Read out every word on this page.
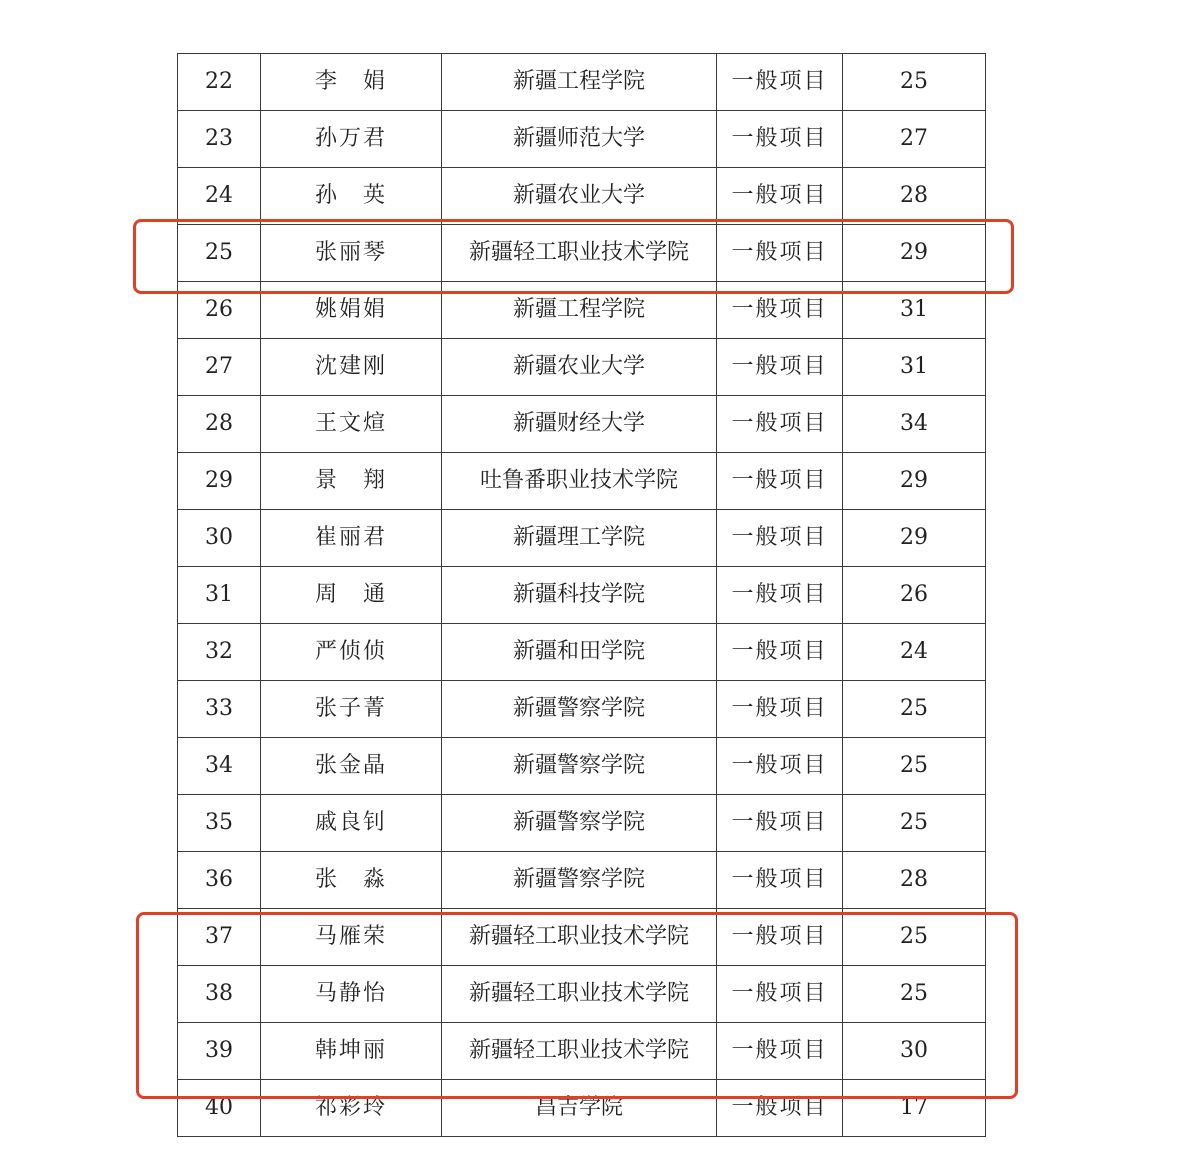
22	李　娟	新疆工程学院	一般项目	25
23	孙万君	新疆师范大学	一般项目	27
24	孙　英	新疆农业大学	一般项目	28
25	张丽琴	新疆轻工职业技术学院	一般项目	29
26	姚娟娟	新疆工程学院	一般项目	31
27	沈建刚	新疆农业大学	一般项目	31
28	王文煊	新疆财经大学	一般项目	34
29	景　翔	吐鲁番职业技术学院	一般项目	29
30	崔丽君	新疆理工学院	一般项目	29
31	周　通	新疆科技学院	一般项目	26
32	严侦侦	新疆和田学院	一般项目	24
33	张子菁	新疆警察学院	一般项目	25
34	张金晶	新疆警察学院	一般项目	25
35	戚良钊	新疆警察学院	一般项目	25
36	张　淼	新疆警察学院	一般项目	28
37	马雁荣	新疆轻工职业技术学院	一般项目	25
38	马静怡	新疆轻工职业技术学院	一般项目	25
39	韩坤丽	新疆轻工职业技术学院	一般项目	30
40	祁彩玲	昌吉学院	一般项目	17
